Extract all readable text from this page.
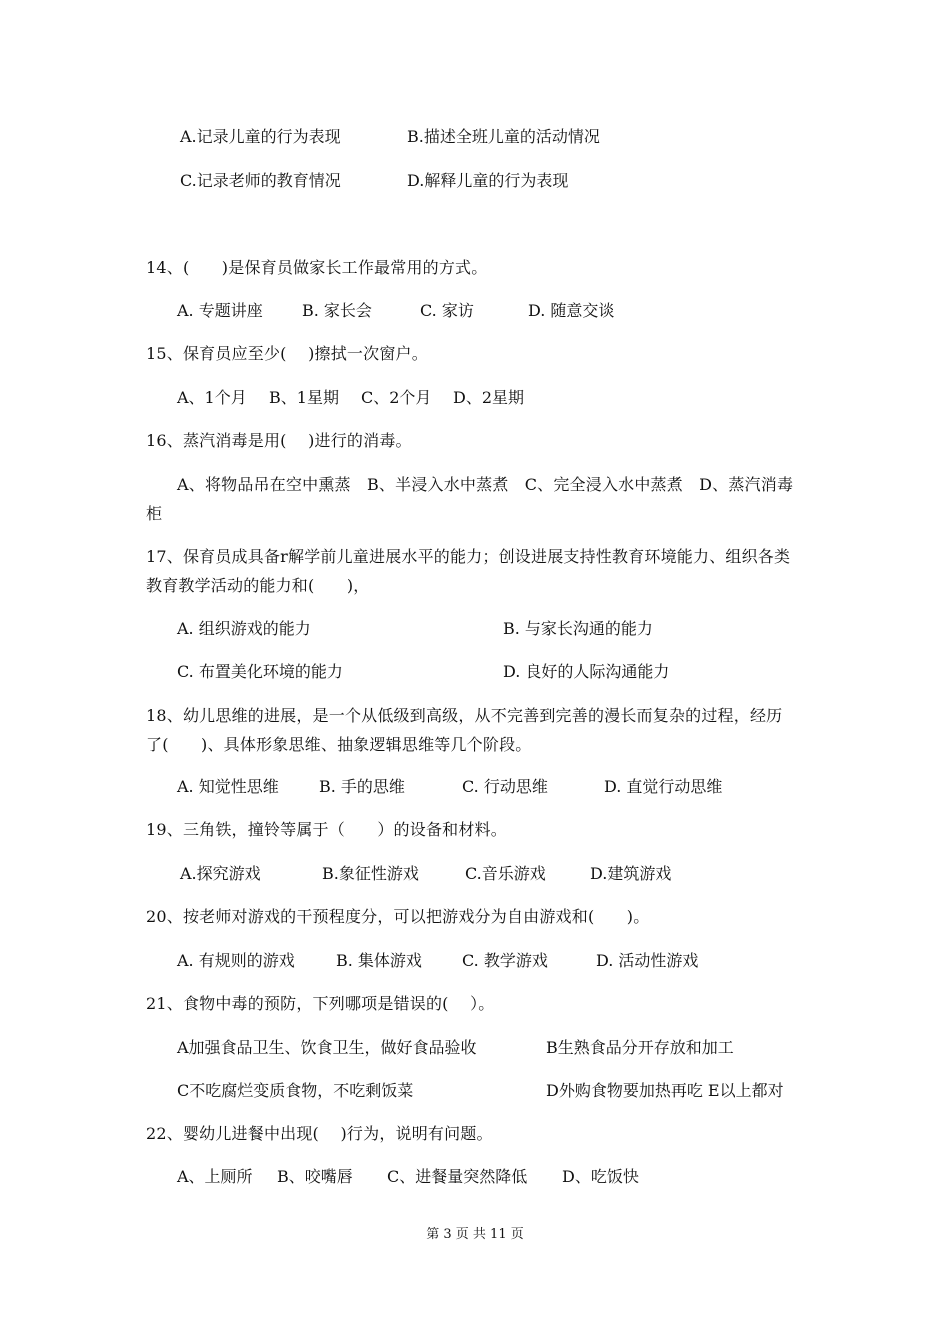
A.记录儿童的行为表现	B.描述全班儿童的活动情况
C.记录老师的教育情况	D.解释儿童的行为表现
14、(　　)是保育员做家长工作最常用的方式。
A. 专题讲座 B. 家长会	C. 家访	D. 随意交谈
15、保育员应至少(　 )擦拭一次窗户。
A、1个月 B、1星期 C、2个月 D、2星期
16、蒸汽消毒是用(　 )进行的消毒。
A、将物品吊在空中熏蒸　B、半浸入水中蒸煮　C、完全浸入水中蒸煮　D、蒸汽消毒
柜
17、保育员成具备r解学前儿童进展水平的能力；创设进展支持性教育环境能力、组织各类
教育教学活动的能力和(　　)，
A. 组织游戏的能力	B. 与家长沟通的能力
C. 布置美化环境的能力	D. 良好的人际沟通能力
18、幼儿思维的进展，是一个从低级到高级，从不完善到完善的漫长而复杂的过程，经历
了(　　)、具体形象思维、抽象逻辑思维等几个阶段。
A. 知觉性思维	B. 手的思维	C. 行动思维	D. 直觉行动思维
19、三角铁，撞铃等属于（　　）的设备和材料。
A.探究游戏	B.象征性游戏	C.音乐游戏	D.建筑游戏
20、按老师对游戏的干预程度分，可以把游戏分为自由游戏和(　　)。
A. 有规则的游戏	B. 集体游戏	C. 教学游戏	D. 活动性游戏
21、食物中毒的预防，下列哪项是错误的(　 ）。
A加强食品卫生、饮食卫生，做好食品验收	B生熟食品分开存放和加工
C不吃腐烂变质食物，不吃剩饭菜	D外购食物要加热再吃 E以上都对
22、婴幼儿进餐中出现(　 )行为，说明有问题。
A、上厕所 B、咬嘴唇 C、进餐量突然降低 D、吃饭快
第 3 页 共 11 页
